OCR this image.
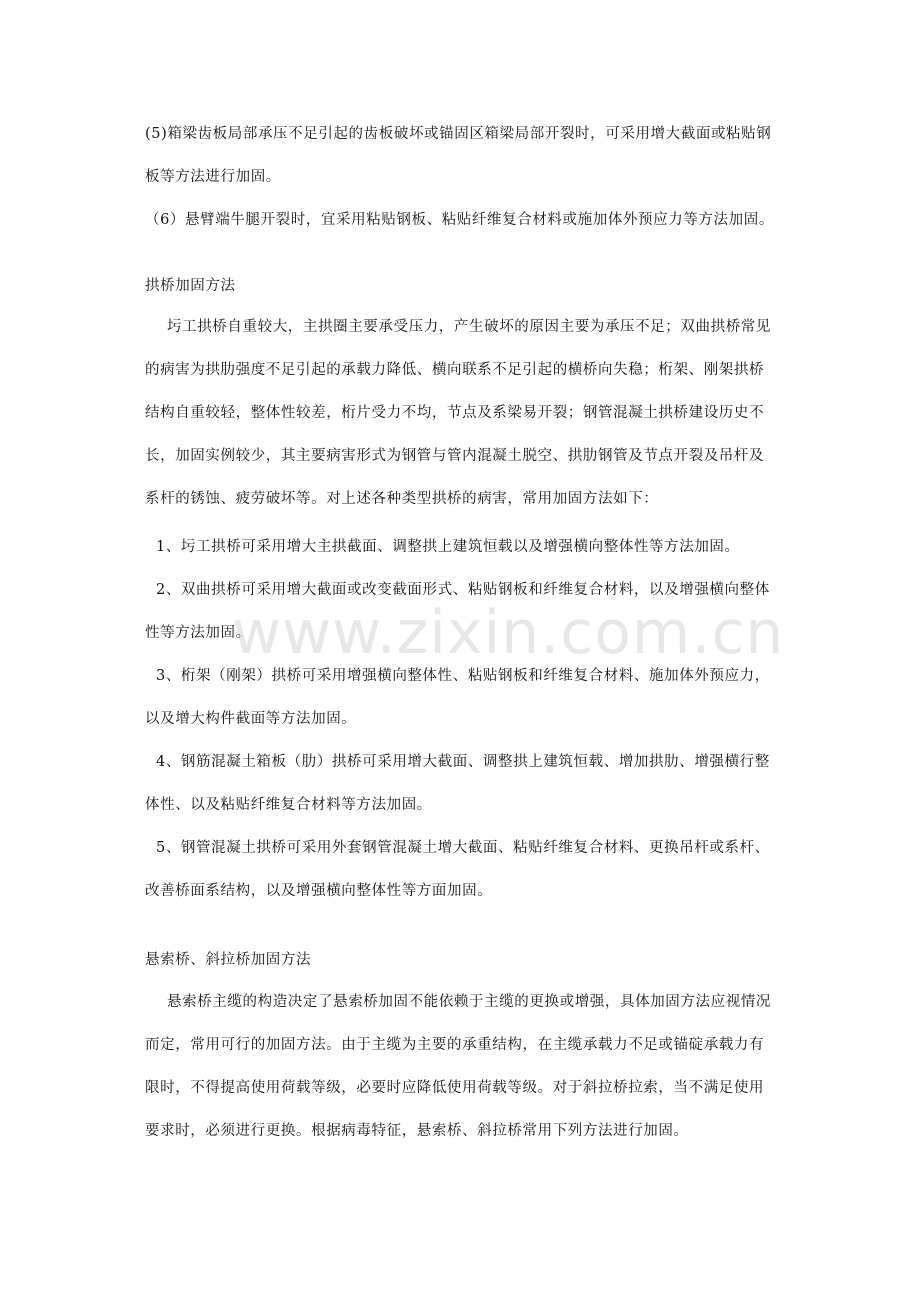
(5)箱梁齿板局部承压不足引起的齿板破坏或锚固区箱梁局部开裂时，可采用增大截面或粘贴钢板等方法进行加固。
（6）悬臂端牛腿开裂时，宜采用粘贴钢板、粘贴纤维复合材料或施加体外预应力等方法加固。
拱桥加固方法
圬工拱桥自重较大，主拱圈主要承受压力，产生破坏的原因主要为承压不足；双曲拱桥常见的病害为拱肋强度不足引起的承载力降低、横向联系不足引起的横桥向失稳；桁架、刚架拱桥结构自重较轻，整体性较差，桁片受力不均，节点及系梁易开裂；钢管混凝土拱桥建设历史不长，加固实例较少，其主要病害形式为钢管与管内混凝土脱空、拱肋钢管及节点开裂及吊杆及系杆的锈蚀、疲劳破坏等。对上述各种类型拱桥的病害，常用加固方法如下：
1、圬工拱桥可采用增大主拱截面、调整拱上建筑恒载以及增强横向整体性等方法加固。
2、双曲拱桥可采用增大截面或改变截面形式、粘贴钢板和纤维复合材料，以及增强横向整体性等方法加固。
3、桁架（刚架）拱桥可采用增强横向整体性、粘贴钢板和纤维复合材料、施加体外预应力，以及增大构件截面等方法加固。
4、钢筋混凝土箱板（肋）拱桥可采用增大截面、调整拱上建筑恒载、增加拱肋、增强横行整体性、以及粘贴纤维复合材料等方法加固。
5、钢管混凝土拱桥可采用外套钢管混凝土增大截面、粘贴纤维复合材料、更换吊杆或系杆、改善桥面系结构，以及增强横向整体性等方面加固。
悬索桥、斜拉桥加固方法
悬索桥主缆的构造决定了悬索桥加固不能依赖于主缆的更换或增强，具体加固方法应视情况而定，常用可行的加固方法。由于主缆为主要的承重结构，在主缆承载力不足或锚碇承载力有限时，不得提高使用荷载等级，必要时应降低使用荷载等级。对于斜拉桥拉索，当不满足使用要求时，必须进行更换。根据病毒特征，悬索桥、斜拉桥常用下列方法进行加固。
www.zixin.com.cn
